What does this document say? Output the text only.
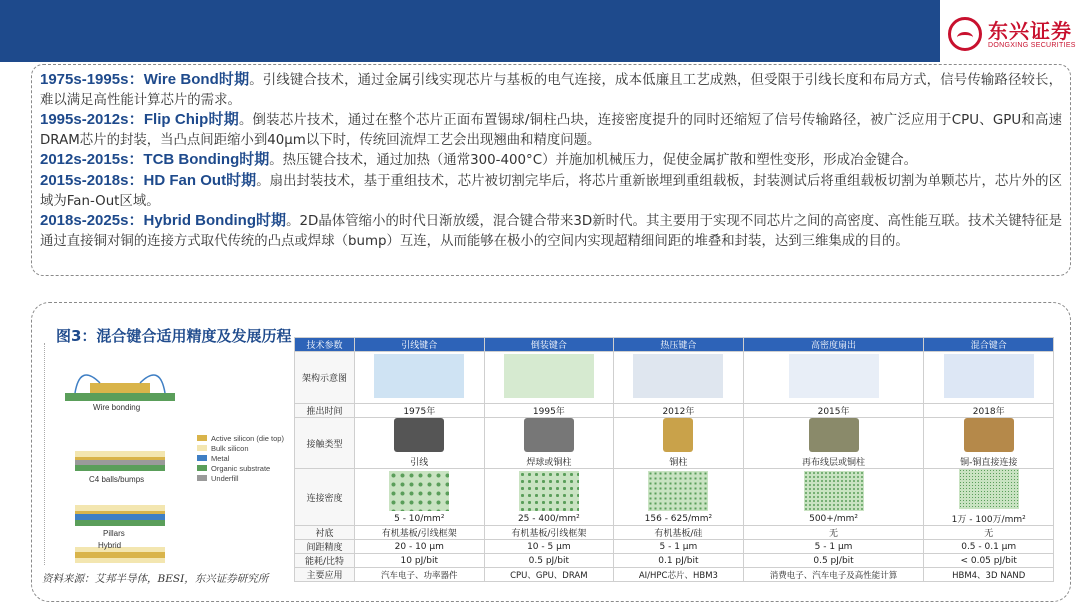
东兴证券
DONGXING SECURITIES

1975s-1995s：Wire Bond时期。引线键合技术，通过金属引线实现芯片与基板的电气连接，成本低廉且工艺成熟，但受限于引线长度和布局方式，信号传输路径较长，难以满足高性能计算芯片的需求。

1995s-2012s：Flip Chip时期。倒装芯片技术，通过在整个芯片正面布置锡球/铜柱凸块，连接密度提升的同时还缩短了信号传输路径，被广泛应用于CPU、GPU和高速DRAM芯片的封装，当凸点间距缩小到40μm以下时，传统回流焊工艺会出现翘曲和精度问题。

2012s-2015s：TCB Bonding时期。热压键合技术，通过加热（通常300-400°C）并施加机械压力，促使金属扩散和塑性变形，形成冶金键合。

2015s-2018s：HD Fan Out时期。扇出封装技术，基于重组技术，芯片被切割完毕后，将芯片重新嵌埋到重组载板，封装测试后将重组载板切割为单颗芯片，芯片外的区域为Fan-Out区域。

2018s-2025s：Hybrid Bonding时期。2D晶体管缩小的时代日渐放缓，混合键合带来3D新时代。其主要用于实现不同芯片之间的高密度、高性能互联。技术关键特征是通过直接铜对铜的连接方式取代传统的凸点或焊球（bump）互连，从而能够在极小的空间内实现超精细间距的堆叠和封装，达到三维集成的目的。

图3：混合键合适用精度及发展历程
Wire bonding
C4 balls/bumps
Pillars
Active silicon (die top)
Bulk silicon
Metal
Organic substrate
Underfill
Hybrid
技术参数	引线键合	倒装键合	热压键合	高密度扇出	混合键合
架构示意图					
推出时间	1975年	1995年	2012年	2015年	2018年
接触类型	引线	焊球或铜柱	铜柱	再布线层或铜柱	铜-铜直接连接
连接密度	5 - 10/mm²	25 - 400/mm²	156 - 625/mm²	500+/mm²	1万 - 100万/mm²
衬底	有机基板/引线框架	有机基板/引线框架	有机基板/硅	无	无
间距精度	20 - 10 μm	10 - 5 μm	5 - 1 μm	5 - 1 μm	0.5 - 0.1 μm
能耗/比特	10 pJ/bit	0.5 pJ/bit	0.1 pJ/bit	0.5 pJ/bit	< 0.05 pJ/bit
主要应用	汽车电子、功率器件	CPU、GPU、DRAM	AI/HPC芯片、HBM3	消费电子、汽车电子及高性能计算	HBM4、3D NAND
资料来源：艾邦半导体，BESI，东兴证券研究所
